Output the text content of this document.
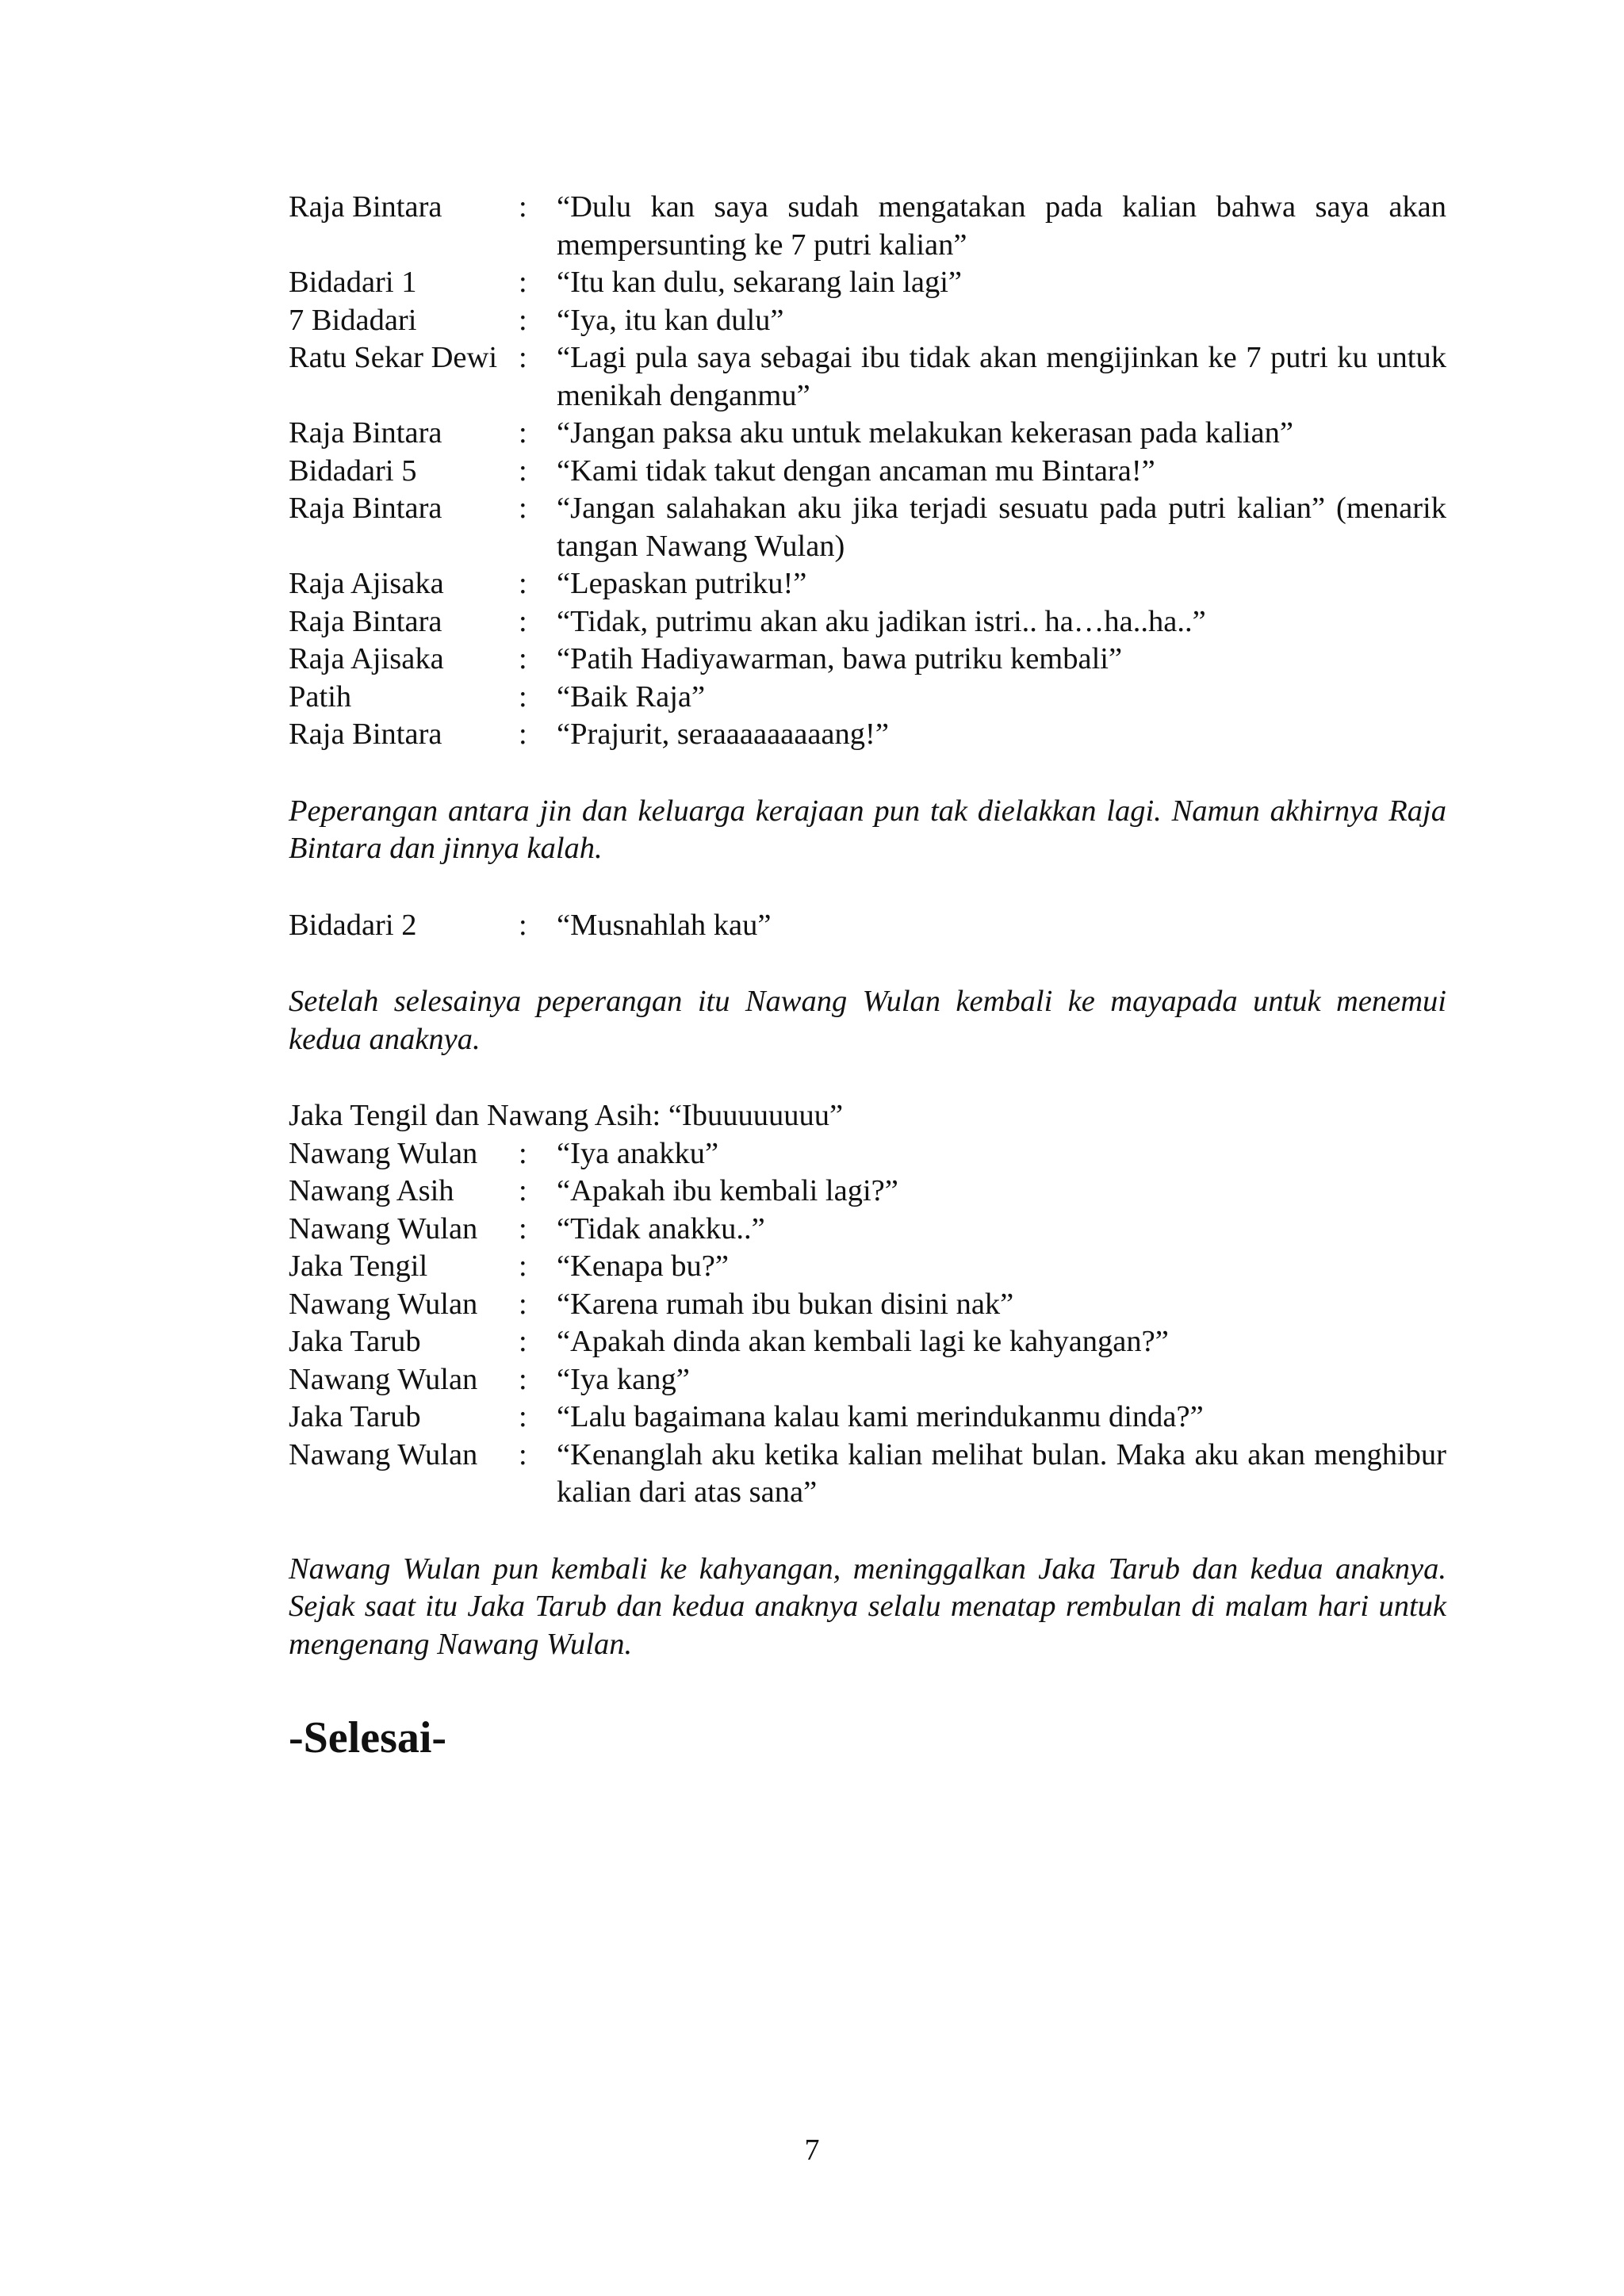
Raja Bintara	: “Dulu kan saya sudah mengatakan pada kalian bahwa saya akan mempersunting ke 7 putri kalian”
Bidadari 1	: “Itu kan dulu, sekarang lain lagi”
7 Bidadari	: “Iya, itu kan dulu”
Ratu Sekar Dewi : “Lagi pula saya sebagai ibu tidak akan mengijinkan ke 7 putri ku untuk menikah denganmu”
Raja Bintara	: “Jangan paksa aku untuk melakukan kekerasan pada kalian”
Bidadari 5	: “Kami tidak takut dengan ancaman mu Bintara!”
Raja Bintara	: “Jangan salahakan aku jika terjadi sesuatu pada putri kalian” (menarik tangan Nawang Wulan)
Raja Ajisaka	: “Lepaskan putriku!”
Raja Bintara	: “Tidak, putrimu akan aku jadikan istri.. ha…ha..ha..”
Raja Ajisaka	: “Patih Hadiyawarman, bawa putriku kembali”
Patih	: “Baik Raja”
Raja Bintara	: “Prajurit, seraaaaaaaaang!”

Peperangan antara jin dan keluarga kerajaan pun tak dielakkan lagi. Namun akhirnya Raja Bintara dan jinnya kalah.

Bidadari 2	: “Musnahlah kau”

Setelah selesainya peperangan itu Nawang Wulan kembali ke mayapada untuk menemui kedua anaknya.

Jaka Tengil dan Nawang Asih: “Ibuuuuuuuu”

Nawang Wulan	: “Iya anakku”
Nawang Asih	: “Apakah ibu kembali lagi?”
Nawang Wulan	: “Tidak anakku..”
Jaka Tengil	: “Kenapa bu?”
Nawang Wulan	: “Karena rumah ibu bukan disini nak”
Jaka Tarub	: “Apakah dinda akan kembali lagi ke kahyangan?”
Nawang Wulan	: “Iya kang”
Jaka Tarub	: “Lalu bagaimana kalau kami merindukanmu dinda?”
Nawang Wulan	: “Kenanglah aku ketika kalian melihat bulan. Maka aku akan menghibur kalian dari atas sana”

Nawang Wulan pun kembali ke kahyangan, meninggalkan Jaka Tarub dan kedua anaknya. Sejak saat itu Jaka Tarub dan kedua anaknya selalu menatap rembulan di malam hari untuk mengenang Nawang Wulan.

-Selesai-
7
